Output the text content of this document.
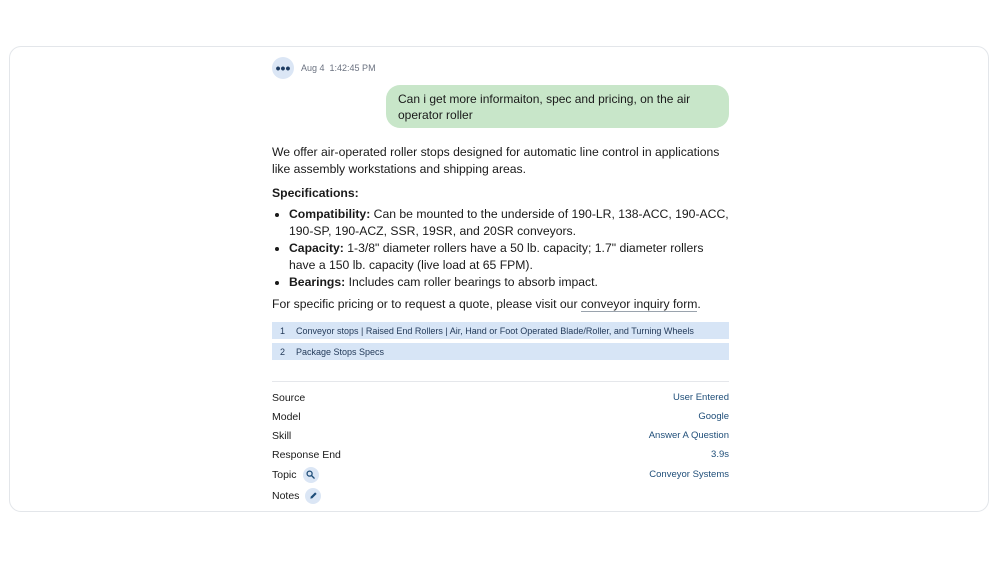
••• Aug 4 1:42:45 PM
Can i get more informaiton, spec and pricing, on the air operator roller

We offer air-operated roller stops designed for automatic line control in applications like assembly workstations and shipping areas.

Specifications:

• Compatibility: Can be mounted to the underside of 190-LR, 138-ACC, 190-ACC, 190-SP, 190-ACZ, SSR, 19SR, and 20SR conveyors.
• Capacity: 1-3/8" diameter rollers have a 50 lb. capacity; 1.7" diameter rollers have a 150 lb. capacity (live load at 65 FPM).
• Bearings: Includes cam roller bearings to absorb impact.

For specific pricing or to request a quote, please visit our conveyor inquiry form.

1	Conveyor stops | Raised End Rollers | Air, Hand or Foot Operated Blade/Roller, and Turning Wheels
2	Package Stops Specs
Source	User Entered
Model	Google
Skill	Answer A Question
Response End	3.9s
Topic	Conveyor Systems
Notes
